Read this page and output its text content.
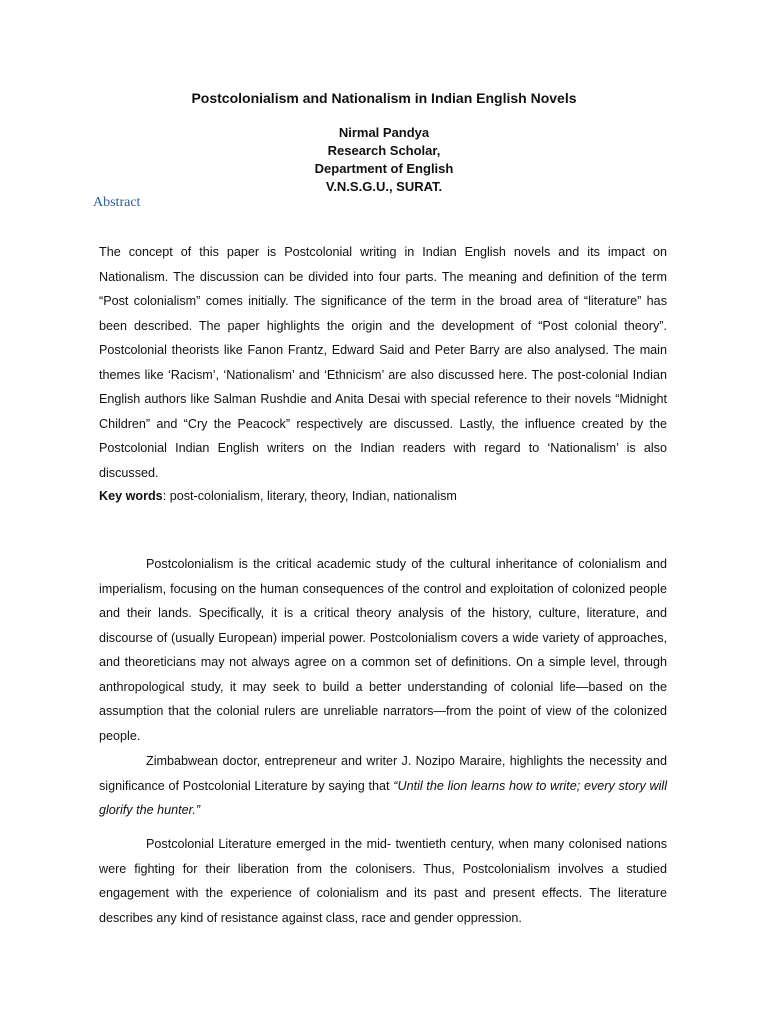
Postcolonialism and Nationalism in Indian English Novels
Nirmal Pandya
Research Scholar,
Department of English
V.N.S.G.U., SURAT.
Abstract

The concept of this paper is Postcolonial writing in Indian English novels and its impact on Nationalism. The discussion can be divided into four parts. The meaning and definition of the term “Post colonialism” comes initially. The significance of the term in the broad area of “literature” has been described. The paper highlights the origin and the development of “Post colonial theory”. Postcolonial theorists like Fanon Frantz, Edward Said and Peter Barry are also analysed. The main themes like ‘Racism’, ‘Nationalism’ and ‘Ethnicism’ are also discussed here. The post-colonial Indian English authors like Salman Rushdie and Anita Desai with special reference to their novels “Midnight Children” and “Cry the Peacock” respectively are discussed. Lastly, the influence created by the Postcolonial Indian English writers on the Indian readers with regard to ‘Nationalism’ is also discussed.

Key words: post-colonialism, literary, theory, Indian, nationalism

Postcolonialism is the critical academic study of the cultural inheritance of colonialism and imperialism, focusing on the human consequences of the control and exploitation of colonized people and their lands. Specifically, it is a critical theory analysis of the history, culture, literature, and discourse of (usually European) imperial power. Postcolonialism covers a wide variety of approaches, and theoreticians may not always agree on a common set of definitions. On a simple level, through anthropological study, it may seek to build a better understanding of colonial life—based on the assumption that the colonial rulers are unreliable narrators—from the point of view of the colonized people.

Zimbabwean doctor, entrepreneur and writer J. Nozipo Maraire, highlights the necessity and significance of Postcolonial Literature by saying that “Until the lion learns how to write; every story will glorify the hunter.”

Postcolonial Literature emerged in the mid- twentieth century, when many colonised nations were fighting for their liberation from the colonisers. Thus, Postcolonialism involves a studied engagement with the experience of colonialism and its past and present effects. The literature describes any kind of resistance against class, race and gender oppression.
